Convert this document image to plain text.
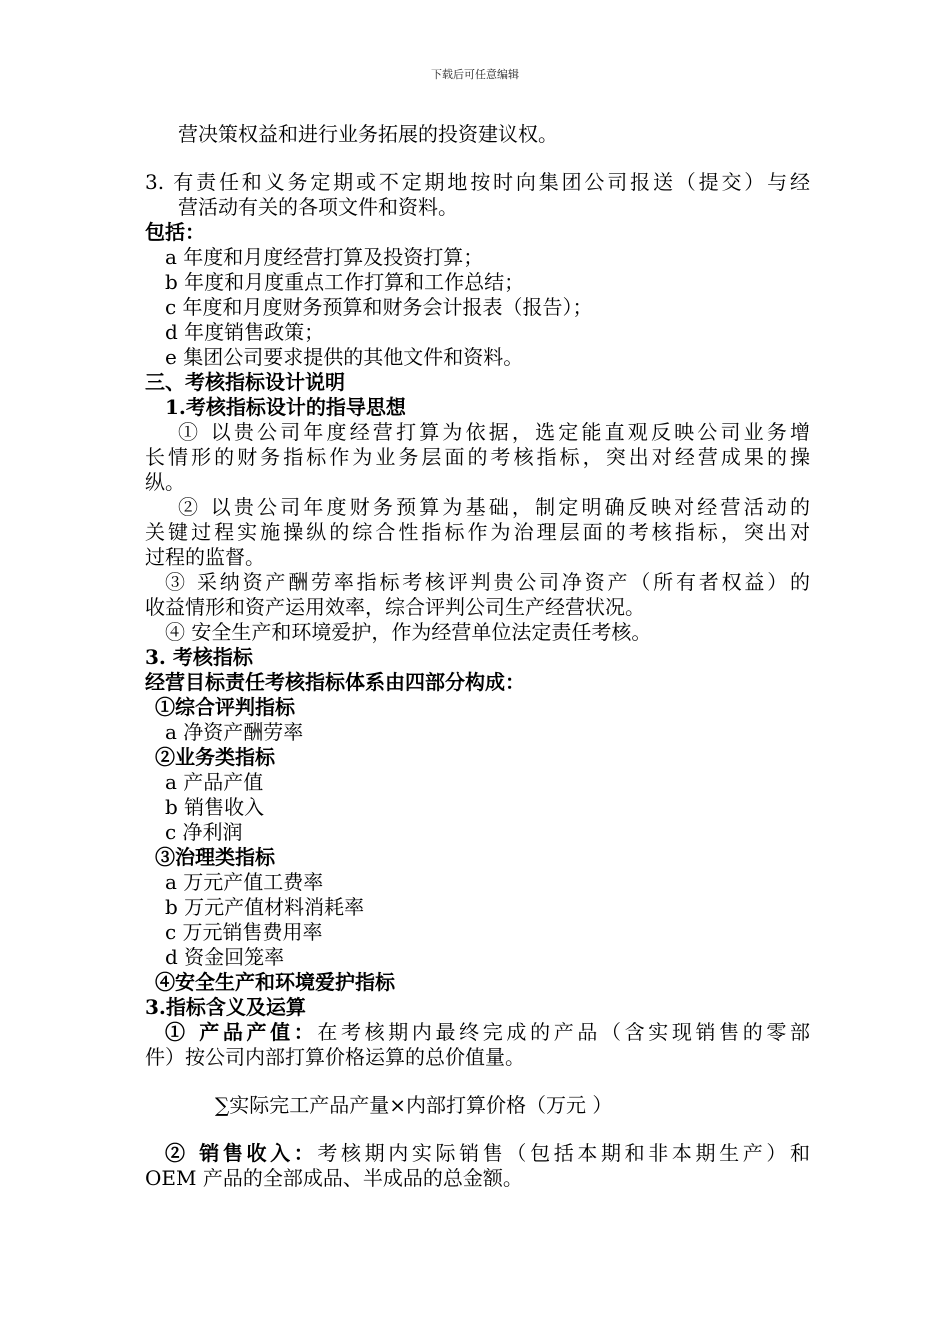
下载后可任意编辑
营决策权益和进行业务拓展的投资建议权。
3. 有责任和义务定期或不定期地按时向集团公司报送（提交）与经
营活动有关的各项文件和资料。
包括：
a 年度和月度经营打算及投资打算；
b 年度和月度重点工作打算和工作总结；
c 年度和月度财务预算和财务会计报表（报告）；
d 年度销售政策；
e 集团公司要求提供的其他文件和资料。
三、考核指标设计说明
1.考核指标设计的指导思想
① 以贵公司年度经营打算为依据，选定能直观反映公司业务增
长情形的财务指标作为业务层面的考核指标，突出对经营成果的操
纵。
② 以贵公司年度财务预算为基础，制定明确反映对经营活动的
关键过程实施操纵的综合性指标作为治理层面的考核指标，突出对
过程的监督。
③ 采纳资产酬劳率指标考核评判贵公司净资产（所有者权益）的
收益情形和资产运用效率，综合评判公司生产经营状况。
④ 安全生产和环境爱护，作为经营单位法定责任考核。
3. 考核指标
经营目标责任考核指标体系由四部分构成：
①综合评判指标
a 净资产酬劳率
②业务类指标
a 产品产值
b 销售收入
c 净利润
③治理类指标
a 万元产值工费率
b 万元产值材料消耗率
c 万元销售费用率
d 资金回笼率
④安全生产和环境爱护指标
3.指标含义及运算
① 产品产值：在考核期内最终完成的产品（含实现销售的零部
件）按公司内部打算价格运算的总价值量。
∑实际完工产品产量×内部打算价格（万元 ）
② 销售收入：考核期内实际销售（包括本期和非本期生产）和
OEM 产品的全部成品、半成品的总金额。
